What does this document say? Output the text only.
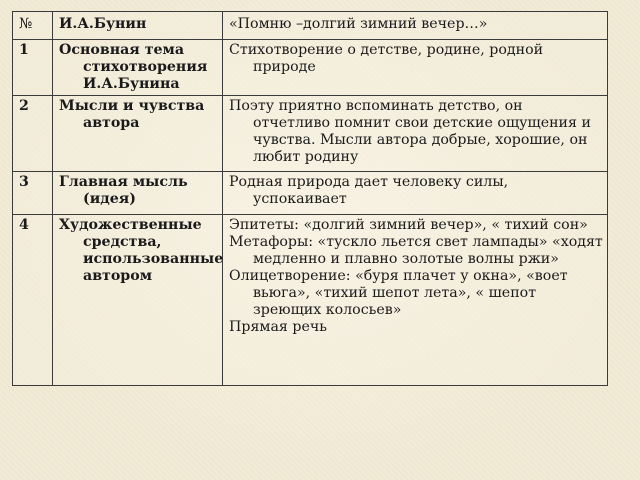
№	И.А.Бунин	«Помню –долгий зимний вечер…»
1	Основная тема стихотворения И.А.Бунина	Стихотворение о детстве, родине, родной природе

2	Мысли и чувства автора	Поэту приятно вспоминать детство, он отчетливо помнит свои детские ощущения и чувства. Мысли автора добрые, хорошие, он любит родину

3	Главная мысль (идея)	Родная природа дает человеку силы, успокаивает

4	Художественные средства, использованные автором	Эпитеты: «долгий зимний вечер», « тихий сон»
Метафоры: «тускло льется свет лампады» «ходят медленно и плавно золотые волны ржи»
Олицетворение: «буря плачет у окна», «воет вьюга», «тихий шепот лета», « шепот зреющих колосьев»
Прямая речь
